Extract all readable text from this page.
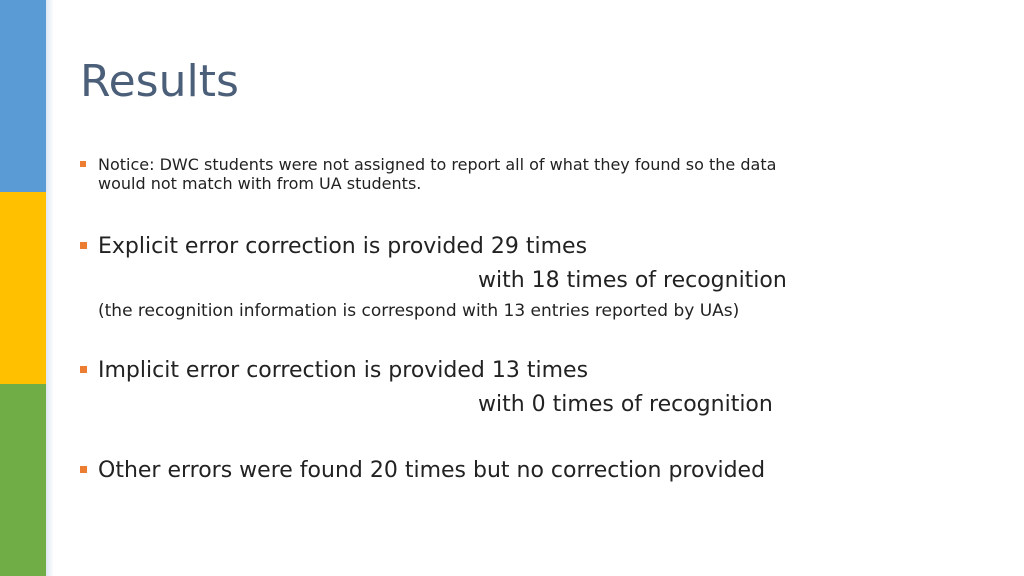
Results
Notice: DWC students were not assigned to report all of what they found so the data
would not match with from UA students.
Explicit error correction is provided 29 times
with 18 times of recognition
(the recognition information is correspond with 13 entries reported by UAs)
Implicit error correction is provided 13 times
with 0 times of recognition
Other errors were found 20 times but no correction provided
